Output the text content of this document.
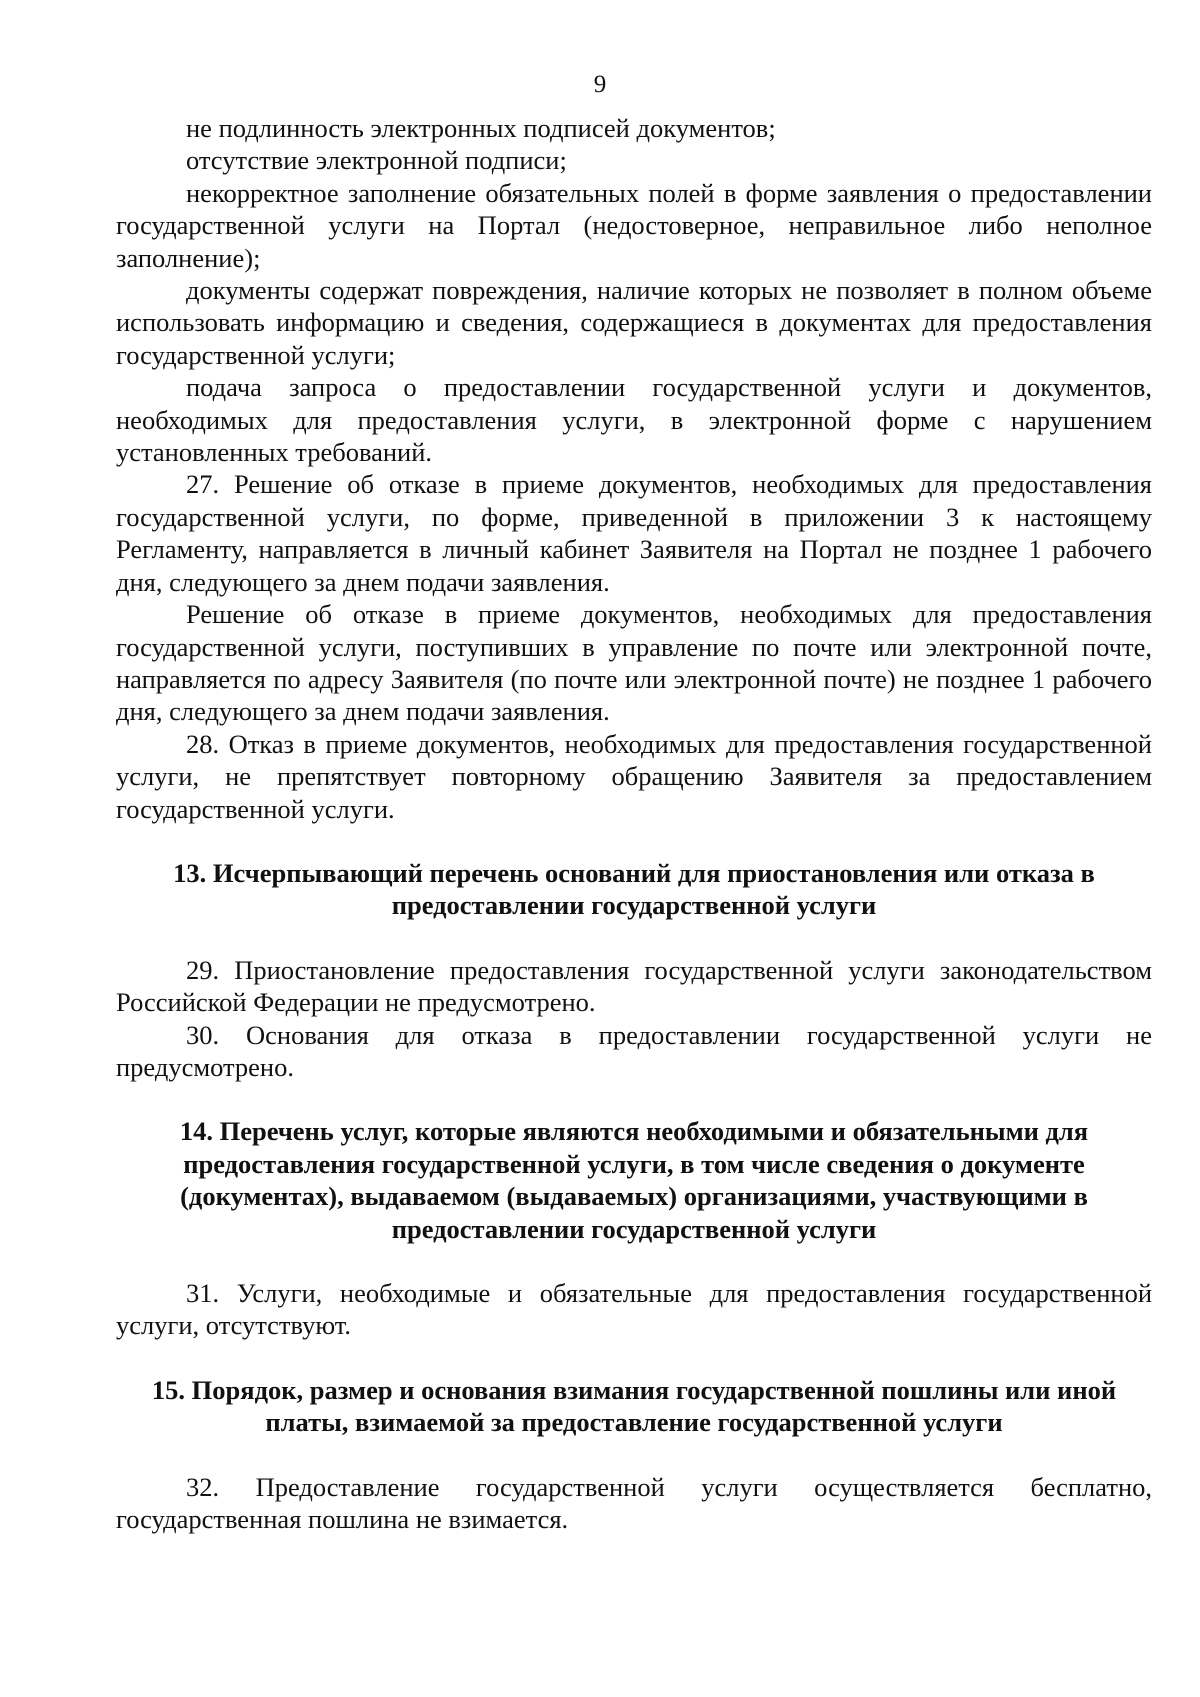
9

не подлинность электронных подписей документов;

отсутствие электронной подписи;

некорректное заполнение обязательных полей в форме заявления о предоставлении государственной услуги на Портал (недостоверное, неправильное либо неполное заполнение);

документы содержат повреждения, наличие которых не позволяет в полном объеме использовать информацию и сведения, содержащиеся в документах для предоставления государственной услуги;

подача запроса о предоставлении государственной услуги и документов, необходимых для предоставления услуги, в электронной форме с нарушением установленных требований.

27. Решение об отказе в приеме документов, необходимых для предоставления государственной услуги, по форме, приведенной в приложении 3 к настоящему Регламенту, направляется в личный кабинет Заявителя на Портал не позднее 1 рабочего дня, следующего за днем подачи заявления.

Решение об отказе в приеме документов, необходимых для предоставления государственной услуги, поступивших в управление по почте или электронной почте, направляется по адресу Заявителя (по почте или электронной почте) не позднее 1 рабочего дня, следующего за днем подачи заявления.

28. Отказ в приеме документов, необходимых для предоставления государственной услуги, не препятствует повторному обращению Заявителя за предоставлением государственной услуги.

13. Исчерпывающий перечень оснований для приостановления или отказа в предоставлении государственной услуги

29. Приостановление предоставления государственной услуги законодательством Российской Федерации не предусмотрено.

30. Основания для отказа в предоставлении государственной услуги не предусмотрено.

14. Перечень услуг, которые являются необходимыми и обязательными для предоставления государственной услуги, в том числе сведения о документе (документах), выдаваемом (выдаваемых) организациями, участвующими в предоставлении государственной услуги

31. Услуги, необходимые и обязательные для предоставления государственной услуги, отсутствуют.

15. Порядок, размер и основания взимания государственной пошлины или иной платы, взимаемой за предоставление государственной услуги

32. Предоставление государственной услуги осуществляется бесплатно, государственная пошлина не взимается.
